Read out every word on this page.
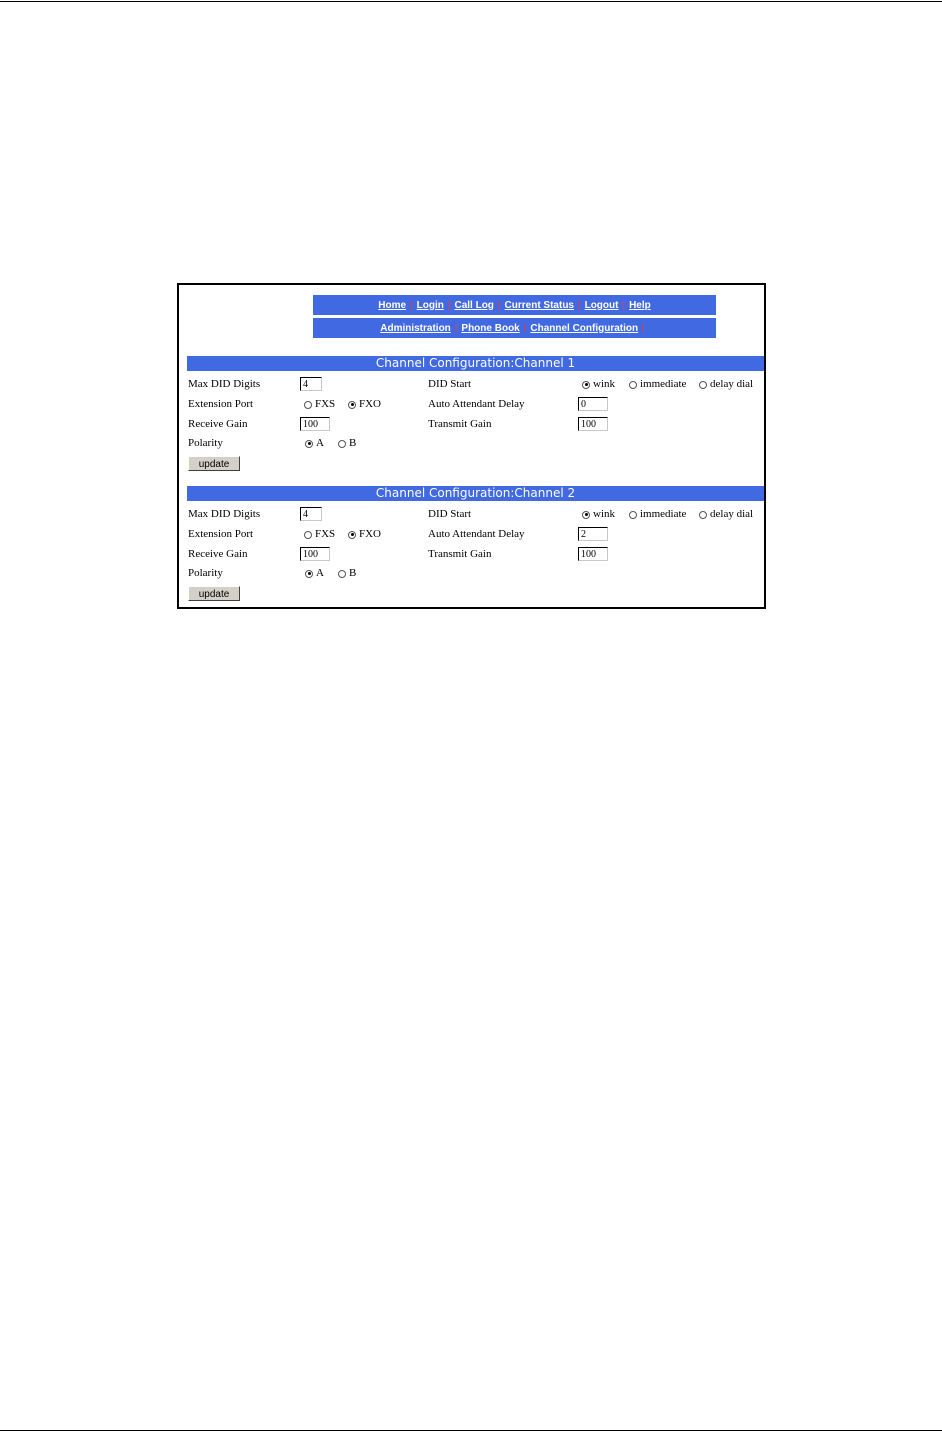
Home | Login | Call Log | Current Status | Logout | Help
Administration | Phone Book | Channel Configuration |
Channel Configuration:Channel 1
Max DID Digits	4	DID Start	wink immediate delay dial
Extension Port	FXS FXO	Auto Attendant Delay	0
Receive Gain	100	Transmit Gain	100
Polarity	A B
update
Channel Configuration:Channel 2
Max DID Digits	4	DID Start	wink immediate delay dial
Extension Port	FXS FXO	Auto Attendant Delay	2
Receive Gain	100	Transmit Gain	100
Polarity	A B
update
